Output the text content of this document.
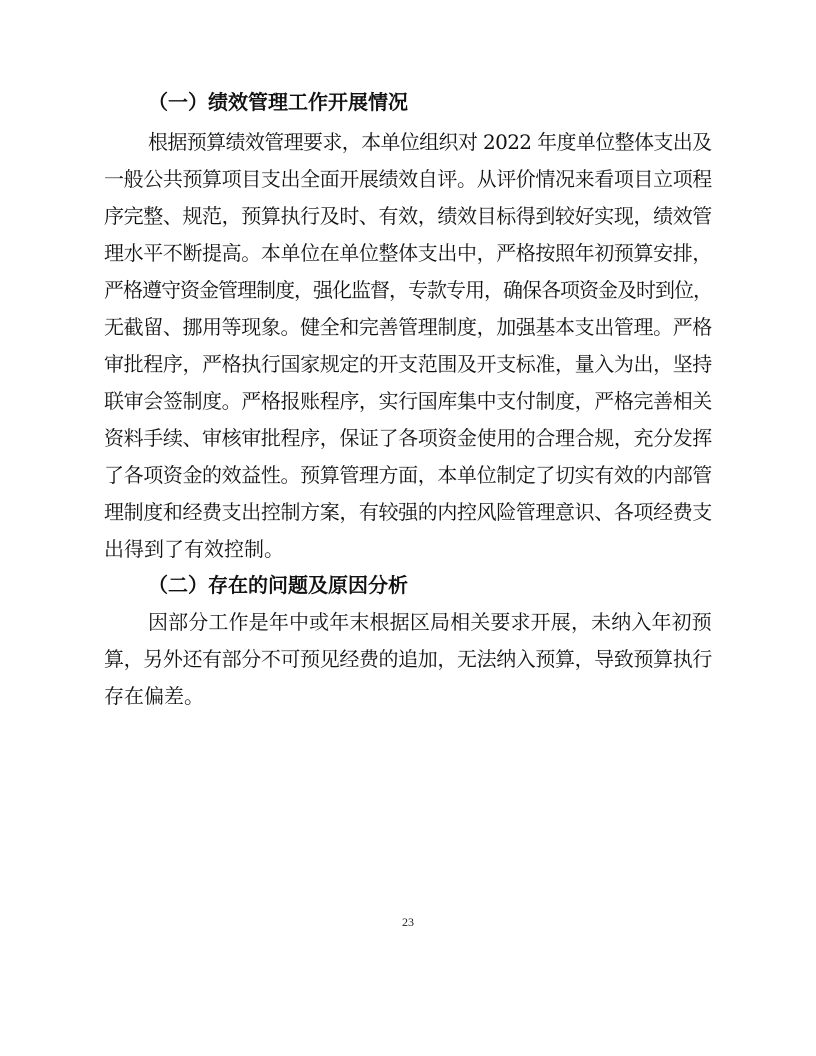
（一）绩效管理工作开展情况
根据预算绩效管理要求，本单位组织对 2022 年度单位整体支出及
一般公共预算项目支出全面开展绩效自评。从评价情况来看项目立项程
序完整、规范，预算执行及时、有效，绩效目标得到较好实现，绩效管
理水平不断提高。本单位在单位整体支出中，严格按照年初预算安排，
严格遵守资金管理制度，强化监督，专款专用，确保各项资金及时到位，
无截留、挪用等现象。健全和完善管理制度，加强基本支出管理。严格
审批程序，严格执行国家规定的开支范围及开支标准，量入为出，坚持
联审会签制度。严格报账程序，实行国库集中支付制度，严格完善相关
资料手续、审核审批程序，保证了各项资金使用的合理合规，充分发挥
了各项资金的效益性。预算管理方面，本单位制定了切实有效的内部管
理制度和经费支出控制方案，有较强的内控风险管理意识、各项经费支
出得到了有效控制。
（二）存在的问题及原因分析
因部分工作是年中或年末根据区局相关要求开展，未纳入年初预
算，另外还有部分不可预见经费的追加，无法纳入预算，导致预算执行
存在偏差。
23
